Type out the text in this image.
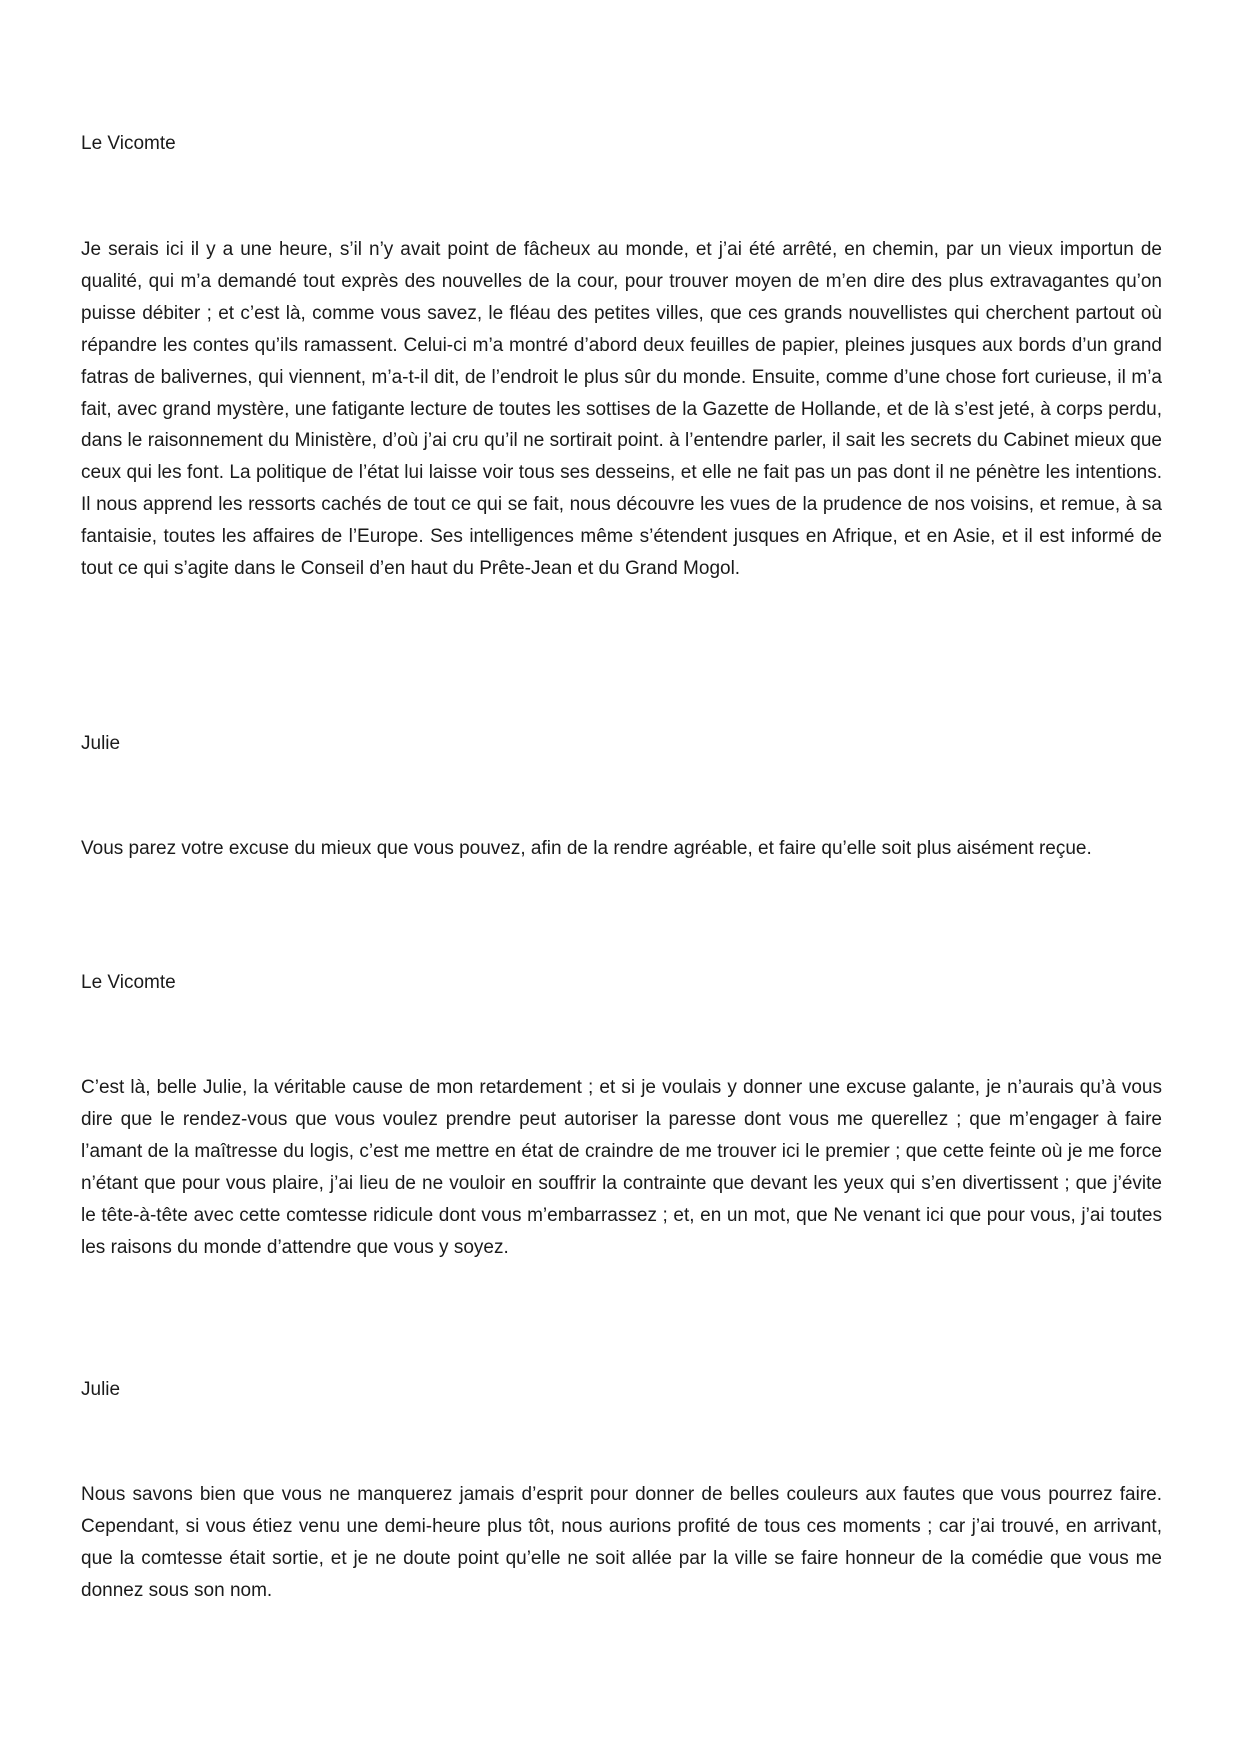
Le Vicomte

Je serais ici il y a une heure, s’il n’y avait point de fâcheux au monde, et j’ai été arrêté, en chemin, par un vieux importun de qualité, qui m’a demandé tout exprès des nouvelles de la cour, pour trouver moyen de m’en dire des plus extravagantes qu’on puisse débiter ; et c’est là, comme vous savez, le fléau des petites villes, que ces grands nouvellistes qui cherchent partout où répandre les contes qu’ils ramassent. Celui-ci m’a montré d’abord deux feuilles de papier, pleines jusques aux bords d’un grand fatras de balivernes, qui viennent, m’a-t-il dit, de l’endroit le plus sûr du monde. Ensuite, comme d’une chose fort curieuse, il m’a fait, avec grand mystère, une fatigante lecture de toutes les sottises de la Gazette de Hollande, et de là s’est jeté, à corps perdu, dans le raisonnement du Ministère, d’où j’ai cru qu’il ne sortirait point. à l’entendre parler, il sait les secrets du Cabinet mieux que ceux qui les font. La politique de l’état lui laisse voir tous ses desseins, et elle ne fait pas un pas dont il ne pénètre les intentions. Il nous apprend les ressorts cachés de tout ce qui se fait, nous découvre les vues de la prudence de nos voisins, et remue, à sa fantaisie, toutes les affaires de l’Europe. Ses intelligences même s’étendent jusques en Afrique, et en Asie, et il est informé de tout ce qui s’agite dans le Conseil d’en haut du Prête-Jean et du Grand Mogol.

Julie

Vous parez votre excuse du mieux que vous pouvez, afin de la rendre agréable, et faire qu’elle soit plus aisément reçue.

Le Vicomte

C’est là, belle Julie, la véritable cause de mon retardement ; et si je voulais y donner une excuse galante, je n’aurais qu’à vous dire que le rendez-vous que vous voulez prendre peut autoriser la paresse dont vous me querellez ; que m’engager à faire l’amant de la maîtresse du logis, c’est me mettre en état de craindre de me trouver ici le premier ; que cette feinte où je me force n’étant que pour vous plaire, j’ai lieu de ne vouloir en souffrir la contrainte que devant les yeux qui s’en divertissent ; que j’évite le tête-à-tête avec cette comtesse ridicule dont vous m’embarrassez ; et, en un mot, que Ne venant ici que pour vous, j’ai toutes les raisons du monde d’attendre que vous y soyez.

Julie

Nous savons bien que vous ne manquerez jamais d’esprit pour donner de belles couleurs aux fautes que vous pourrez faire. Cependant, si vous étiez venu une demi-heure plus tôt, nous aurions profité de tous ces moments ; car j’ai trouvé, en arrivant, que la comtesse était sortie, et je ne doute point qu’elle ne soit allée par la ville se faire honneur de la comédie que vous me donnez sous son nom.
